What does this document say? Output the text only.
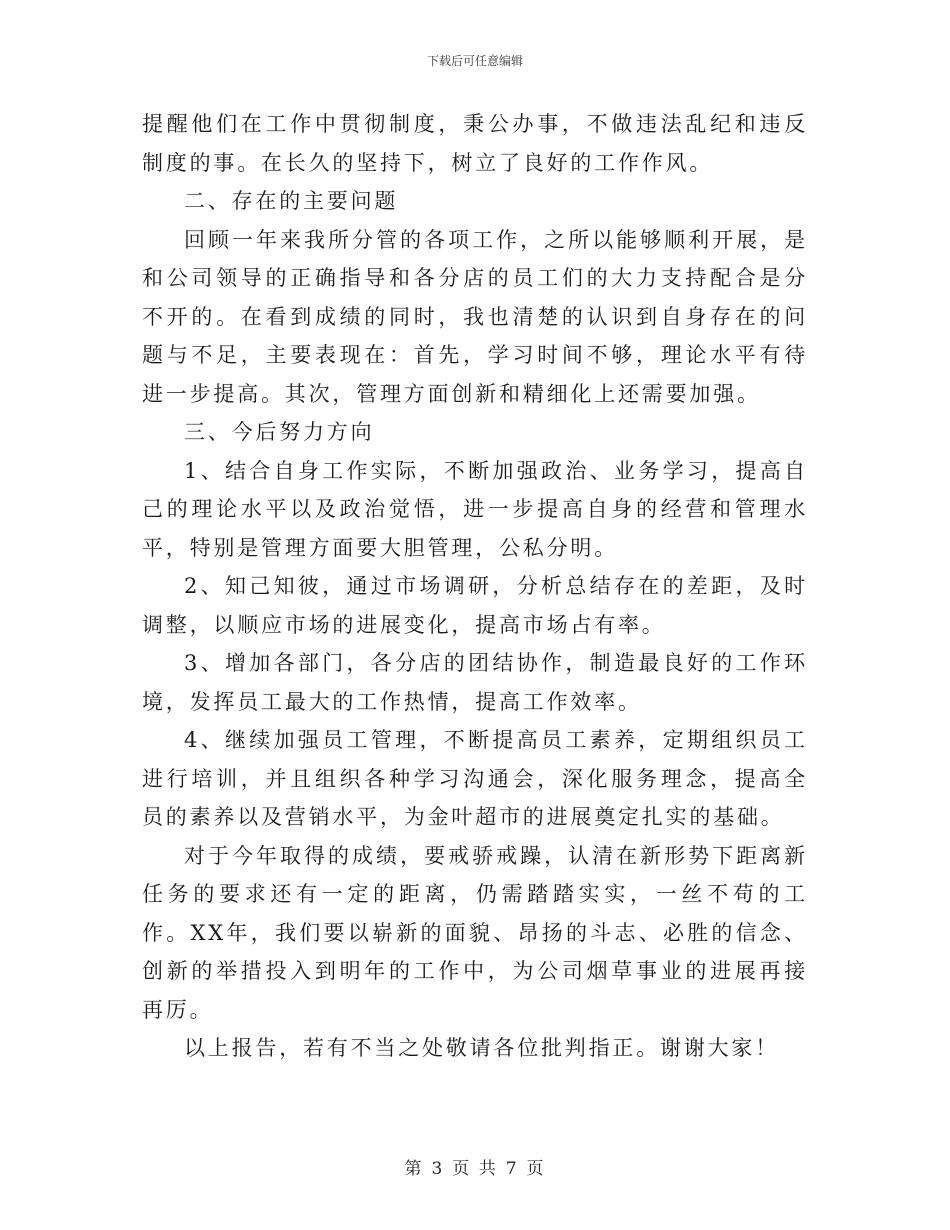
下载后可任意编辑

提醒他们在工作中贯彻制度，秉公办事，不做违法乱纪和违反制度的事。在长久的坚持下，树立了良好的工作作风。

二、存在的主要问题

回顾一年来我所分管的各项工作，之所以能够顺利开展，是和公司领导的正确指导和各分店的员工们的大力支持配合是分不开的。在看到成绩的同时，我也清楚的认识到自身存在的问题与不足，主要表现在：首先，学习时间不够，理论水平有待进一步提高。其次，管理方面创新和精细化上还需要加强。

三、今后努力方向

1、结合自身工作实际，不断加强政治、业务学习，提高自己的理论水平以及政治觉悟，进一步提高自身的经营和管理水平，特别是管理方面要大胆管理，公私分明。

2、知己知彼，通过市场调研，分析总结存在的差距，及时调整，以顺应市场的进展变化，提高市场占有率。

3、增加各部门，各分店的团结协作，制造最良好的工作环境，发挥员工最大的工作热情，提高工作效率。

4、继续加强员工管理，不断提高员工素养，定期组织员工进行培训，并且组织各种学习沟通会，深化服务理念，提高全员的素养以及营销水平，为金叶超市的进展奠定扎实的基础。

对于今年取得的成绩，要戒骄戒躁，认清在新形势下距离新任务的要求还有一定的距离，仍需踏踏实实，一丝不苟的工作。XX年，我们要以崭新的面貌、昂扬的斗志、必胜的信念、创新的举措投入到明年的工作中，为公司烟草事业的进展再接再厉。

以上报告，若有不当之处敬请各位批判指正。谢谢大家！

第 3 页 共 7 页
